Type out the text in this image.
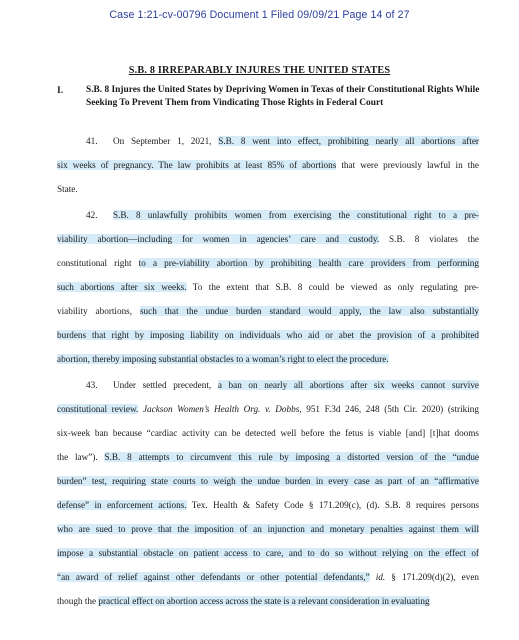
Case 1:21-cv-00796 Document 1 Filed 09/09/21 Page 14 of 27
S.B. 8 IRREPARABLY INJURES THE UNITED STATES
I. S.B. 8 Injures the United States by Depriving Women in Texas of their Constitutional Rights While Seeking To Prevent Them from Vindicating Those Rights in Federal Court
41. On September 1, 2021, S.B. 8 went into effect, prohibiting nearly all abortions after
six weeks of pregnancy. The law prohibits at least 85% of abortions that were previously lawful in the
State.
42. S.B. 8 unlawfully prohibits women from exercising the constitutional right to a pre-
viability abortion—including for women in agencies’ care and custody. S.B. 8 violates the
constitutional right to a pre-viability abortion by prohibiting health care providers from performing
such abortions after six weeks. To the extent that S.B. 8 could be viewed as only regulating pre-
viability abortions, such that the undue burden standard would apply, the law also substantially
burdens that right by imposing liability on individuals who aid or abet the provision of a prohibited
abortion, thereby imposing substantial obstacles to a woman’s right to elect the procedure.
43. Under settled precedent, a ban on nearly all abortions after six weeks cannot survive
constitutional review. Jackson Women’s Health Org. v. Dobbs, 951 F.3d 246, 248 (5th Cir. 2020) (striking
six-week ban because “cardiac activity can be detected well before the fetus is viable [and] [t]hat dooms
the law”). S.B. 8 attempts to circumvent this rule by imposing a distorted version of the “undue
burden” test, requiring state courts to weigh the undue burden in every case as part of an “affirmative
defense” in enforcement actions. Tex. Health & Safety Code § 171.209(c), (d). S.B. 8 requires persons
who are sued to prove that the imposition of an injunction and monetary penalties against them will
impose a substantial obstacle on patient access to care, and to do so without relying on the effect of
“an award of relief against other defendants or other potential defendants,” id. § 171.209(d)(2), even
though the practical effect on abortion access across the state is a relevant consideration in evaluating
